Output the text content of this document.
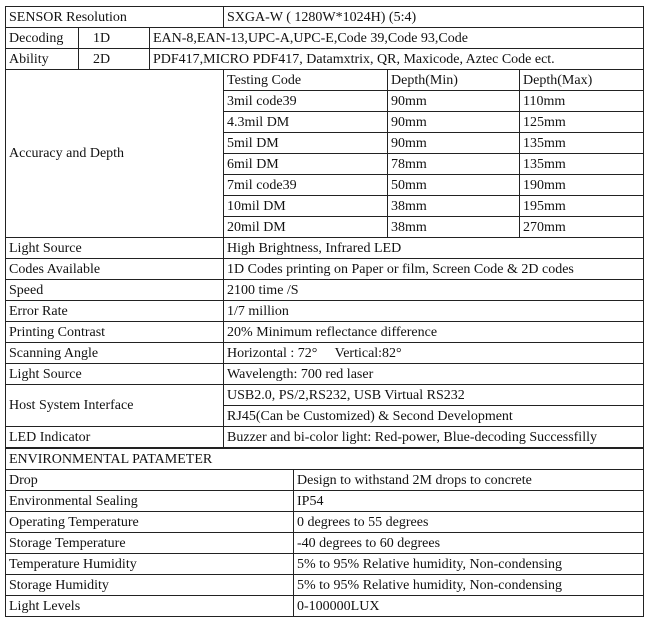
SENSOR Resolution			SXGA-W ( 1280W*1024H) (5:4)		
Decoding	1D	EAN-8,EAN-13,UPC-A,UPC-E,Code 39,Code 93,Code			
Ability	2D	PDF417,MICRO PDF417, Datamxtrix, QR, Maxicode, Aztec Code ect.			
Accuracy and Depth			Testing Code	Depth(Min)	Depth(Max)
			3mil code39	90mm	110mm
			4.3mil DM	90mm	125mm
			5mil DM	90mm	135mm
			6mil DM	78mm	135mm
			7mil code39	50mm	190mm
			10mil DM	38mm	195mm
			20mil DM	38mm	270mm
Light Source			High Brightness, Infrared LED		
Codes Available			1D Codes printing on Paper or film, Screen Code & 2D codes		
Speed			2100 time /S		
Error Rate			1/7 million		
Printing Contrast			20% Minimum reflectance difference		
Scanning Angle			Horizontal : 72°     Vertical:82°		
Light Source			Wavelength: 700 red laser		
Host System Interface			USB2.0, PS/2,RS232, USB Virtual RS232		
			RJ45(Can be Customized) & Second Development		
LED Indicator			Buzzer and bi-color light: Red-power, Blue-decoding Successfilly		
ENVIRONMENTAL PATAMETER	
Drop	Design to withstand 2M drops to concrete
Environmental Sealing	IP54
Operating Temperature	0 degrees to 55 degrees
Storage Temperature	-40 degrees to 60 degrees
Temperature Humidity	5% to 95% Relative humidity, Non-condensing
Storage Humidity	5% to 95% Relative humidity, Non-condensing
Light Levels	0-100000LUX
